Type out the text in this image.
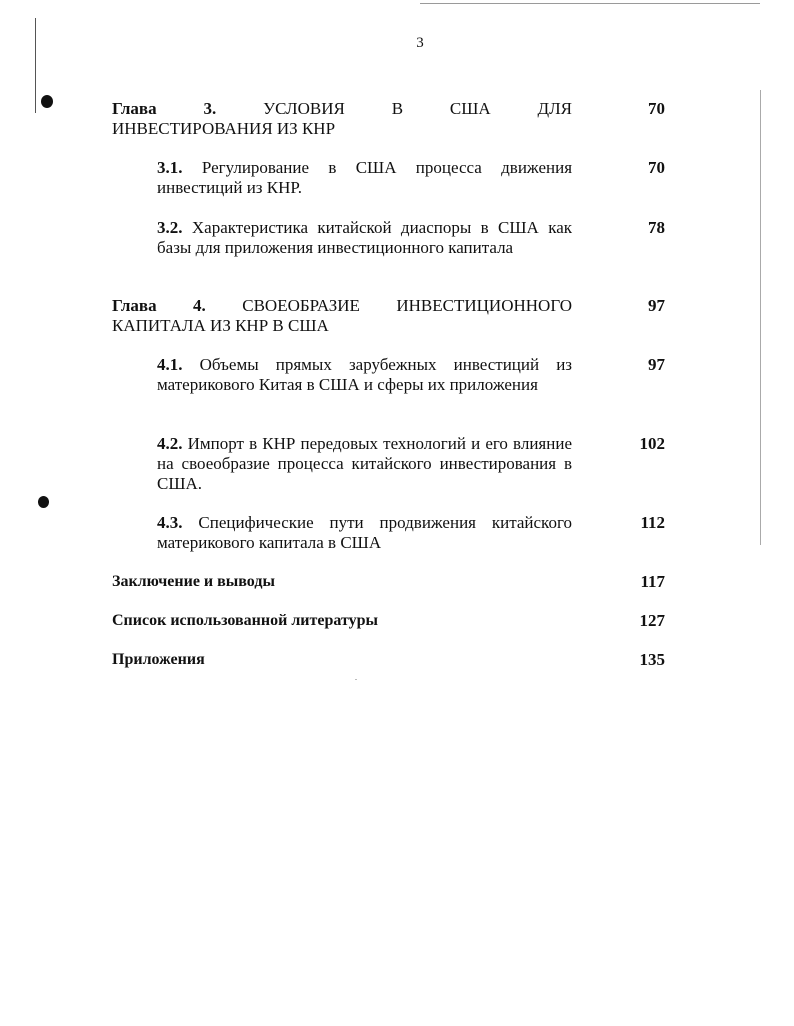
3
Глава 3.	УСЛОВИЯ В США ДЛЯ
ИНВЕСТИРОВАНИЯ ИЗ КНР
70
3.1. Регулирование в США процесса движения инвестиций из КНР.
70
3.2. Характеристика китайской диаспоры в США как базы для приложения инвестиционного капитала
78
Глава 4. СВОЕОБРАЗИЕ ИНВЕСТИЦИОННОГО
КАПИТАЛА ИЗ КНР В США
97
4.1. Объемы прямых зарубежных инвестиций из материкового Китая в США и сферы их приложения
97
4.2. Импорт в КНР передовых технологий и его влияние на своеобразие процесса китайского инвестирования в США.
102
4.3. Специфические пути продвижения китайского материкового капитала в США
112
Заключение и выводы	117
Список использованной литературы	127
Приложения	135
